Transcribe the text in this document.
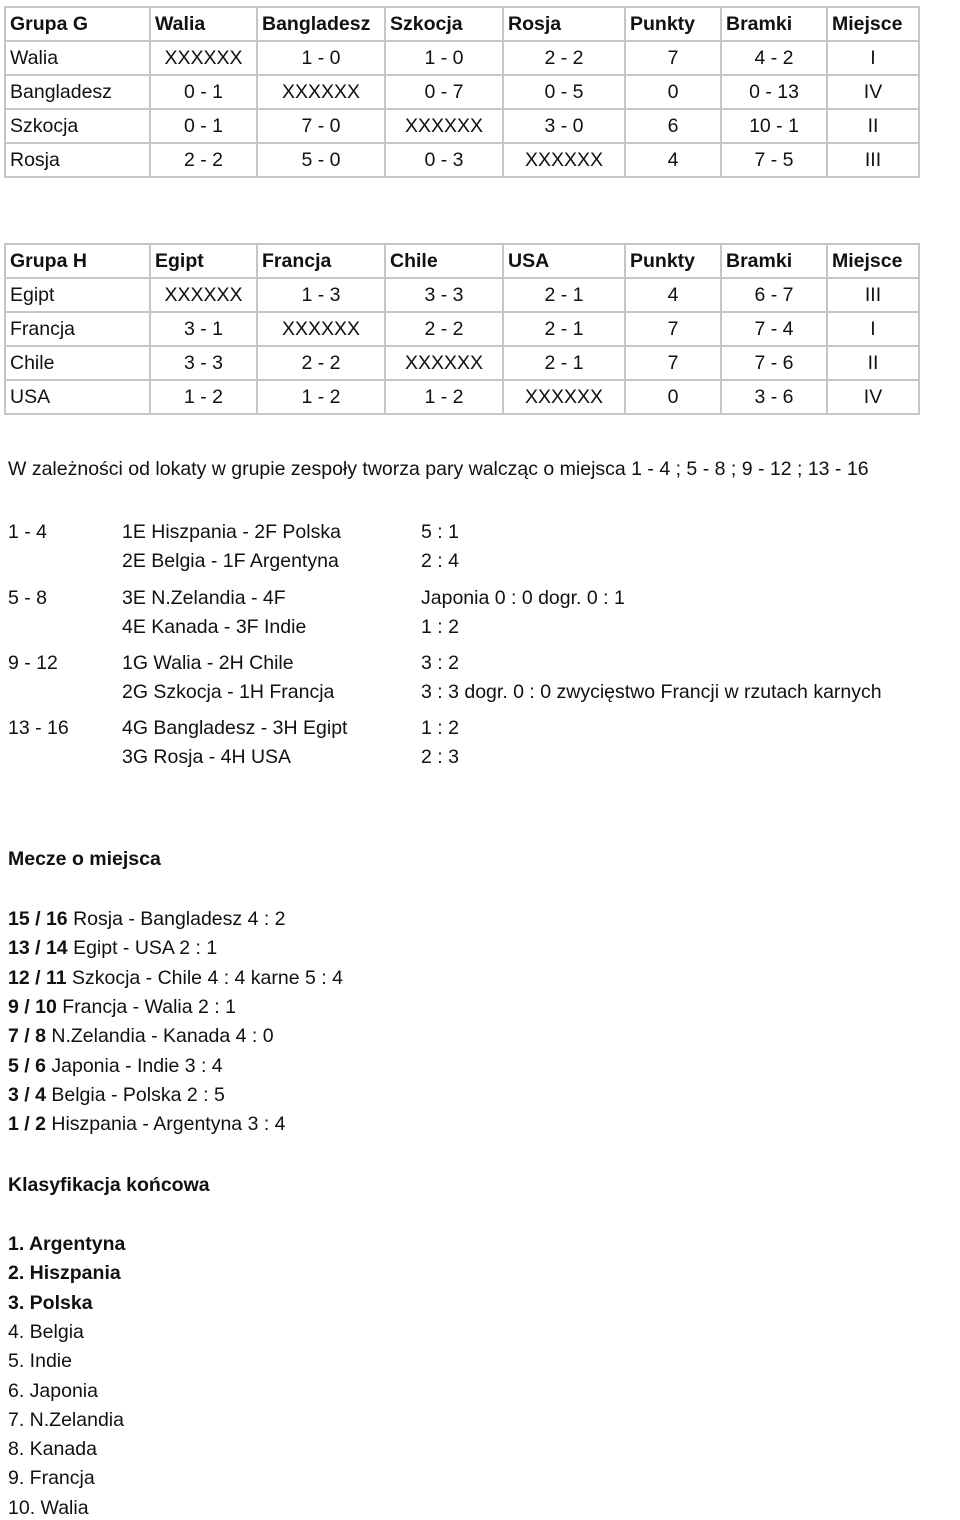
Grupa G	Walia	Bangladesz	Szkocja	Rosja	Punkty	Bramki	Miejsce
Walia	XXXXXX	1 - 0	1 - 0	2 - 2	7	4 - 2	I
Bangladesz	0 - 1	XXXXXX	0 - 7	0 - 5	0	0 - 13	IV
Szkocja	0 - 1	7 - 0	XXXXXX	3 - 0	6	10 - 1	II
Rosja	2 - 2	5 - 0	0 - 3	XXXXXX	4	7 - 5	III
Grupa H	Egipt	Francja	Chile	USA	Punkty	Bramki	Miejsce
Egipt	XXXXXX	1 - 3	3 - 3	2 - 1	4	6 - 7	III
Francja	3 - 1	XXXXXX	2 - 2	2 - 1	7	7 - 4	I
Chile	3 - 3	2 - 2	XXXXXX	2 - 1	7	7 - 6	II
USA	1 - 2	1 - 2	1 - 2	XXXXXX	0	3 - 6	IV
W zależności od lokaty w grupie zespoły tworza pary walcząc o miejsca 1 - 4 ; 5 - 8 ; 9 - 12 ; 13 - 16
1 - 4	1E Hiszpania - 2F Polska	5 : 1
2E Belgia - 1F Argentyna	2 : 4
5 - 8	3E N.Zelandia - 4F	Japonia 0 : 0 dogr. 0 : 1
4E Kanada - 3F Indie	1 : 2
9 - 12	1G Walia - 2H Chile	3 : 2
2G Szkocja - 1H Francja	3 : 3 dogr. 0 : 0 zwycięstwo Francji w rzutach karnych
13 - 16	4G Bangladesz - 3H Egipt	1 : 2
3G Rosja - 4H USA	2 : 3
Mecze o miejsca
15 / 16 Rosja - Bangladesz 4 : 2
13 / 14 Egipt - USA 2 : 1
12 / 11 Szkocja - Chile 4 : 4 karne 5 : 4
9 / 10 Francja - Walia 2 : 1
7 / 8 N.Zelandia - Kanada 4 : 0
5 / 6 Japonia - Indie 3 : 4
3 / 4 Belgia - Polska 2 : 5
1 / 2 Hiszpania - Argentyna 3 : 4
Klasyfikacja końcowa
1. Argentyna
2. Hiszpania
3. Polska
4. Belgia
5. Indie
6. Japonia
7. N.Zelandia
8. Kanada
9. Francja
10. Walia
